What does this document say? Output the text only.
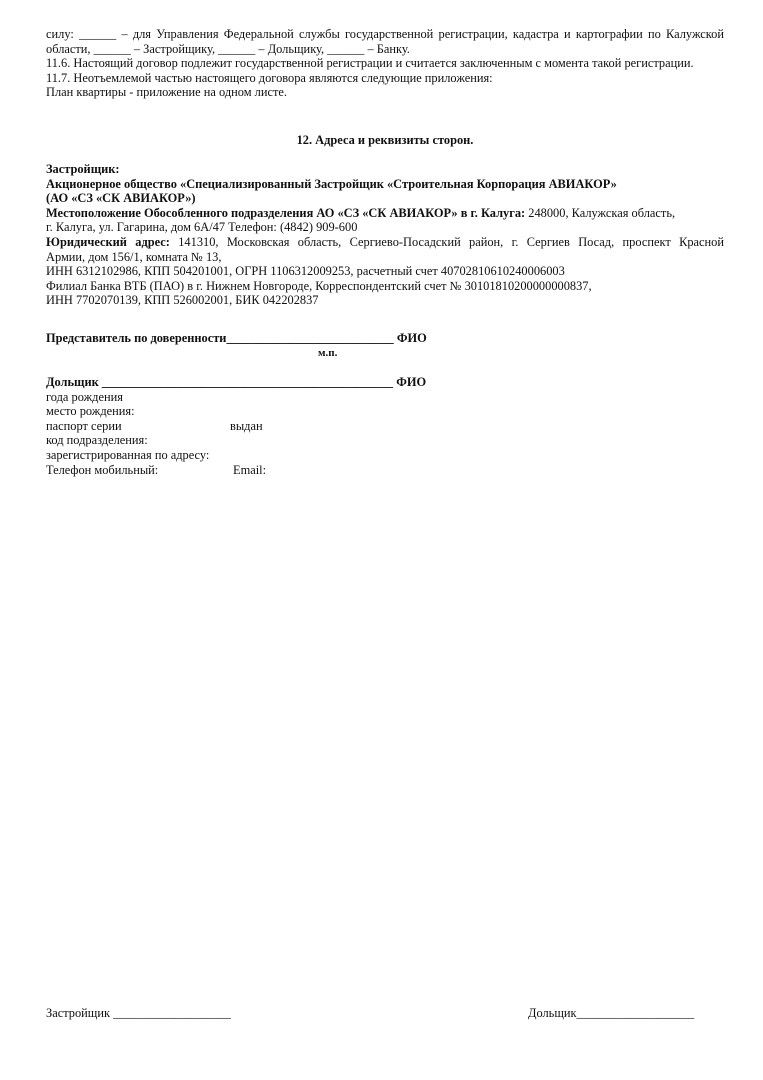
силу: ______ – для Управления Федеральной службы государственной регистрации, кадастра и картографии по Калужской
области, ______ – Застройщику, ______ – Дольщику, ______ – Банку.
11.6. Настоящий договор подлежит государственной регистрации и считается заключенным с момента такой регистрации.
11.7. Неотъемлемой частью настоящего договора являются следующие приложения:
План квартиры - приложение на одном листе.
12. Адреса и реквизиты сторон.
Застройщик:
Акционерное общество «Специализированный Застройщик «Строительная Корпорация АВИАКОР»
(АО «СЗ «СК АВИАКОР»)
Местоположение Обособленного подразделения АО «СЗ «СК АВИАКОР» в г. Калуга: 248000, Калужская область,
г. Калуга, ул. Гагарина, дом 6А/47 Телефон: (4842) 909-600
Юридический адрес: 141310, Московская область, Сергиево-Посадский район, г. Сергиев Посад, проспект Красной
Армии, дом 156/1, комната № 13,
ИНН 6312102986, КПП 504201001, ОГРН 1106312009253, расчетный счет 40702810610240006003
Филиал Банка ВТБ (ПАО) в г. Нижнем Новгороде, Корреспондентский счет № 30101810200000000837,
ИНН 7702070139, КПП 526002001, БИК 042202837
Представитель по доверенности___________________________ ФИО
м.п.
Дольщик _______________________________________________ ФИО
года рождения
место рождения:
паспорт серии	выдан
код подразделения:
зарегистрированная по адресу:
Телефон мобильный:	Email:
Застройщик ___________________	Дольщик___________________
